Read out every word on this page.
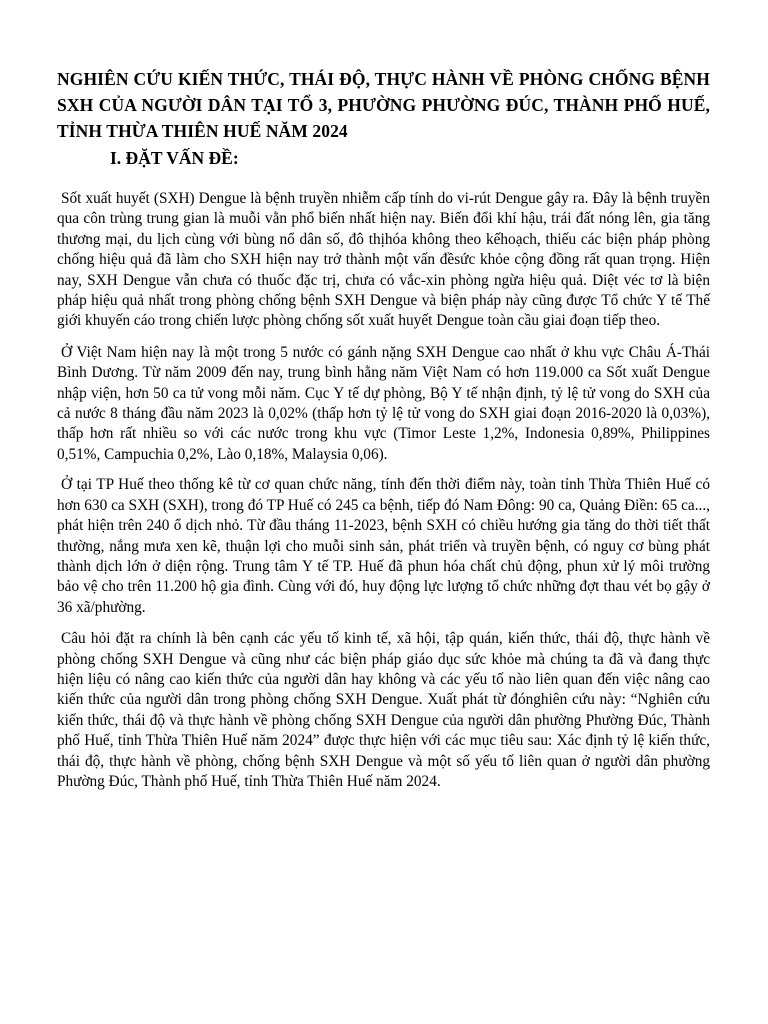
NGHIÊN CỨU KIẾN THỨC, THÁI ĐỘ, THỰC HÀNH VỀ PHÒNG CHỐNG BỆNH SXH CỦA NGƯỜI DÂN TẠI TỔ 3, PHƯỜNG PHƯỜNG ĐÚC, THÀNH PHỐ HUẾ, TỈNH THỪA THIÊN HUẾ NĂM 2024
I. ĐẶT VẤN ĐỀ:

Sốt xuất huyết (SXH) Dengue là bệnh truyền nhiễm cấp tính do vi-rút Dengue gây ra. Đây là bệnh truyền qua côn trùng trung gian là muỗi vằn phổ biến nhất hiện nay. Biến đổi khí hậu, trái đất nóng lên, gia tăng thương mại, du lịch cùng với bùng nổ dân số, đô thịhóa không theo kếhoạch, thiếu các biện pháp phòng chống hiệu quả đã làm cho SXH hiện nay trở thành một vấn đềsức khỏe cộng đồng rất quan trọng. Hiện nay, SXH Dengue vẫn chưa có thuốc đặc trị, chưa có vắc-xin phòng ngừa hiệu quả. Diệt véc tơ là biện pháp hiệu quả nhất trong phòng chống bệnh SXH Dengue và biện pháp này cũng được Tổ chức Y tế Thế giới khuyến cáo trong chiến lược phòng chống sốt xuất huyết Dengue toàn cầu giai đoạn tiếp theo.

Ở Việt Nam hiện nay là một trong 5 nước có gánh nặng SXH Dengue cao nhất ở khu vực Châu Á-Thái Bình Dương. Từ năm 2009 đến nay, trung bình hằng năm Việt Nam có hơn 119.000 ca Sốt xuất Dengue nhập viện, hơn 50 ca tử vong mỗi năm. Cục Y tế dự phòng, Bộ Y tế nhận định, tỷ lệ tử vong do SXH của cả nước 8 tháng đầu năm 2023 là 0,02% (thấp hơn tỷ lệ tử vong do SXH giai đoạn 2016-2020 là 0,03%), thấp hơn rất nhiều so với các nước trong khu vực (Timor Leste 1,2%, Indonesia 0,89%, Philippines 0,51%, Campuchia 0,2%, Lào 0,18%, Malaysia 0,06).

Ở tại TP Huế theo thống kê từ cơ quan chức năng, tính đến thời điểm này, toàn tỉnh Thừa Thiên Huế có hơn 630 ca SXH (SXH), trong đó TP Huế có 245 ca bệnh, tiếp đó Nam Đông: 90 ca, Quảng Điền: 65 ca..., phát hiện trên 240 ổ dịch nhỏ. Từ đầu tháng 11-2023, bệnh SXH có chiều hướng gia tăng do thời tiết thất thường, nắng mưa xen kẽ, thuận lợi cho muỗi sinh sản, phát triển và truyền bệnh, có nguy cơ bùng phát thành dịch lớn ở diện rộng. Trung tâm Y tế TP. Huế đã phun hóa chất chủ động, phun xử lý môi trường bảo vệ cho trên 11.200 hộ gia đình. Cùng với đó, huy động lực lượng tổ chức những đợt thau vét bọ gậy ở 36 xã/phường.

Câu hỏi đặt ra chính là bên cạnh các yếu tố kinh tế, xã hội, tập quán, kiến thức, thái độ, thực hành về phòng chống SXH Dengue và cũng như các biện pháp giáo dục sức khỏe mà chúng ta đã và đang thực hiện liệu có nâng cao kiến thức của người dân hay không và các yếu tố nào liên quan đến việc nâng cao kiến thức của người dân trong phòng chống SXH Dengue. Xuất phát từ đónghiên cứu này: “Nghiên cứu kiến thức, thái độ và thực hành về phòng chống SXH Dengue của người dân phường Phường Đúc, Thành phố Huế, tỉnh Thừa Thiên Huế năm 2024” được thực hiện với các mục tiêu sau: Xác định tỷ lệ kiến thức, thái độ, thực hành về phòng, chống bệnh SXH Dengue và một số yếu tố liên quan ở người dân phường Phường Đúc, Thành phố Huế, tỉnh Thừa Thiên Huế năm 2024.
